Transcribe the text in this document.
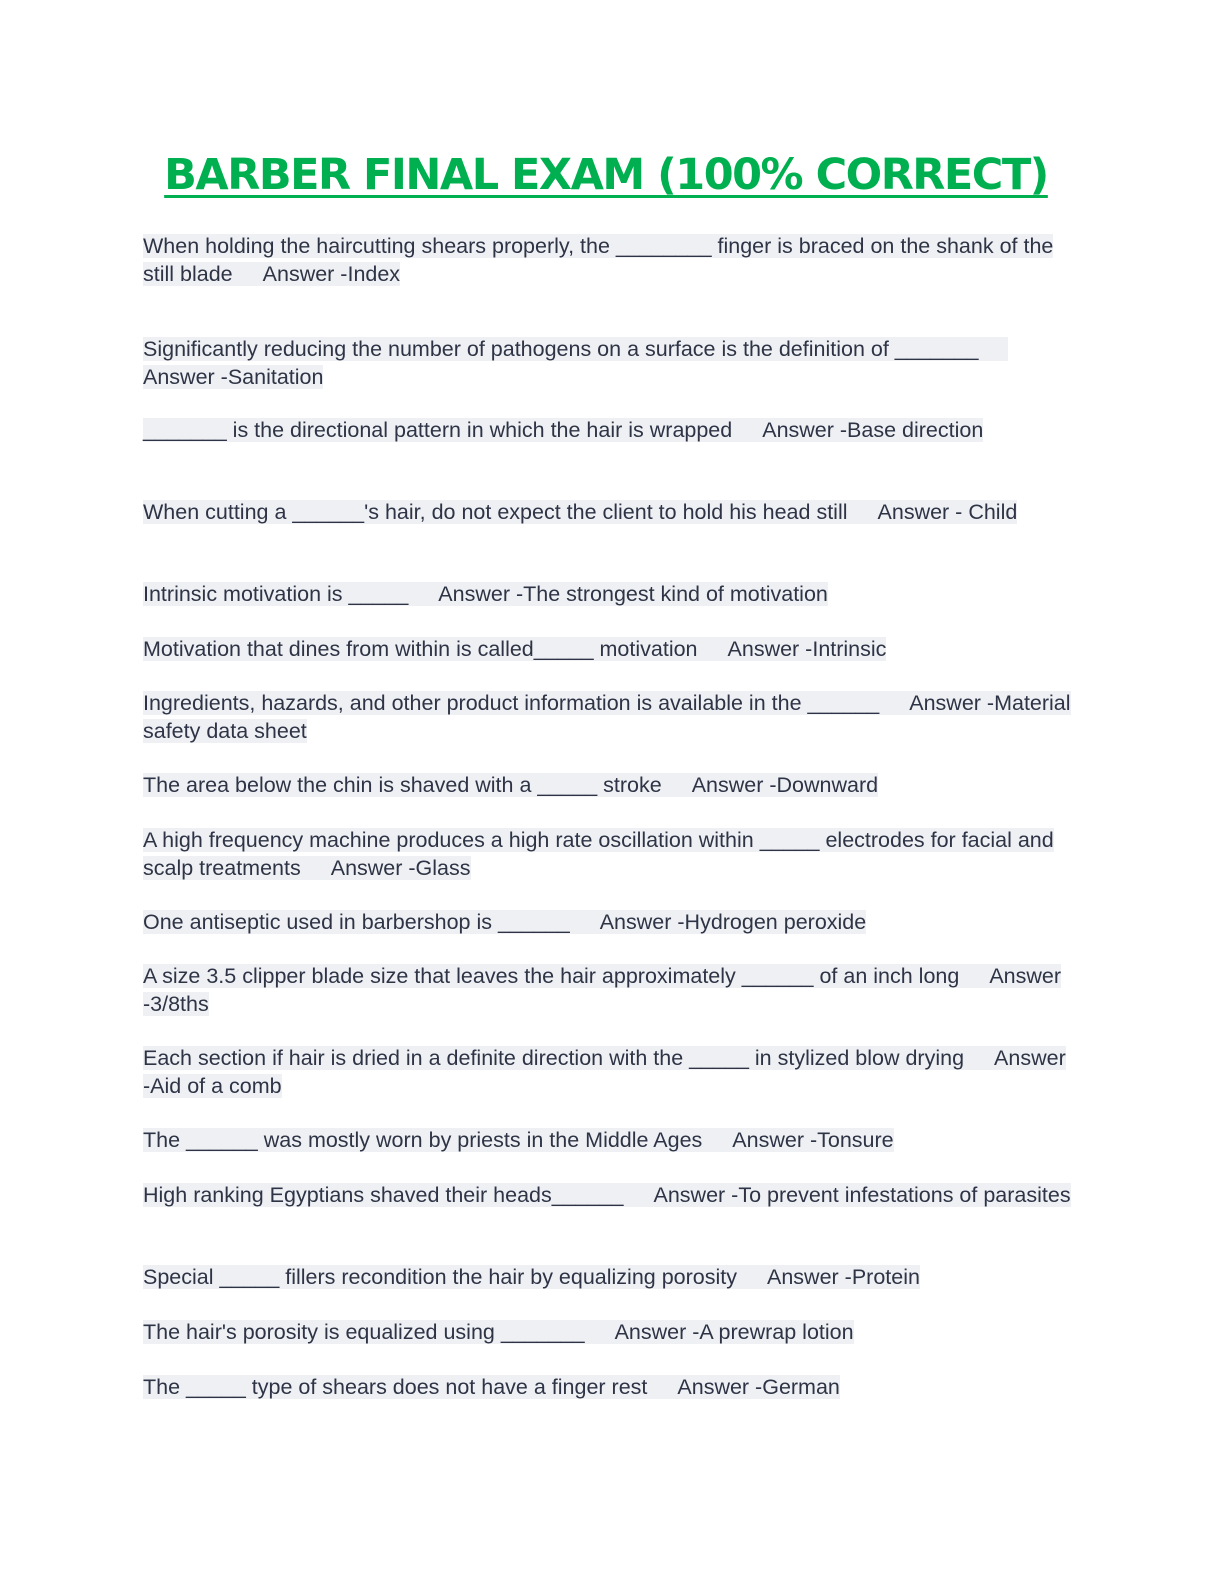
BARBER FINAL EXAM (100% CORRECT)
When holding the haircutting shears properly, the ________ finger is braced on the shank of the still blade Answer -Index
Significantly reducing the number of pathogens on a surface is the definition of _______Answer -Sanitation
_______ is the directional pattern in which the hair is wrapped Answer -Base direction
When cutting a ______'s hair, do not expect the client to hold his head still Answer - Child
Intrinsic motivation is _____ Answer -The strongest kind of motivation
Motivation that dines from within is called_____ motivation Answer -Intrinsic
Ingredients, hazards, and other product information is available in the ______ Answer -Material safety data sheet
The area below the chin is shaved with a _____ stroke Answer -Downward
A high frequency machine produces a high rate oscillation within _____ electrodes for facial and scalp treatments Answer -Glass
One antiseptic used in barbershop is ______ Answer -Hydrogen peroxide
A size 3.5 clipper blade size that leaves the hair approximately ______ of an inch long Answer -3/8ths
Each section if hair is dried in a definite direction with the _____ in stylized blow drying Answer -Aid of a comb
The ______ was mostly worn by priests in the Middle Ages Answer -Tonsure
High ranking Egyptians shaved their heads______ Answer -To prevent infestations of parasites
Special _____ fillers recondition the hair by equalizing porosity Answer -Protein
The hair's porosity is equalized using _______ Answer -A prewrap lotion
The _____ type of shears does not have a finger rest Answer -German
